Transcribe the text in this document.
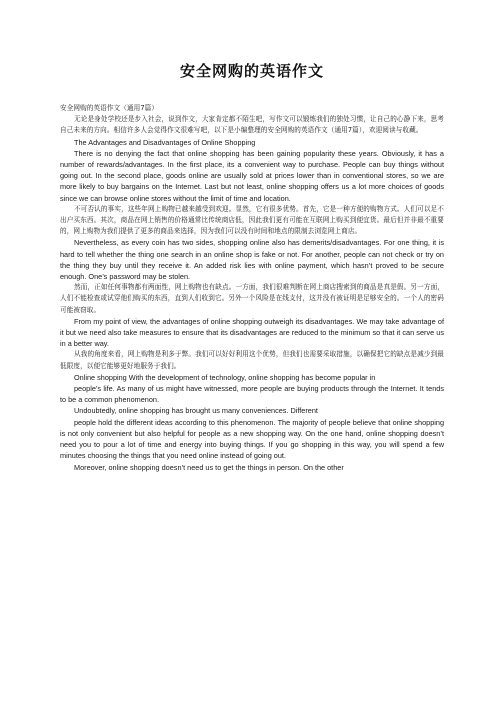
安全网购的英语作文

安全网购的英语作文（通用7篇）

无论是身处学校还是步入社会，说到作文，大家肯定都不陌生吧，写作文可以锻炼我们的独处习惯，让自己的心静下来，思考自己未来的方向。相信许多人会觉得作文很难写吧，以下是小编整理的安全网购的英语作文（通用7篇），欢迎阅读与收藏。

The Advantages and Disadvantages of Online Shopping

There is no denying the fact that online shopping has been gaining popularity these years. Obviously, it has a number of rewards/advantages. In the first place, its a convenient way to purchase. People can buy things without going out. In the second place, goods online are usually sold at prices lower than in conventional stores, so we are more likely to buy bargains on the Internet. Last but not least, online shopping offers us a lot more choices of goods since we can browse online stores without the limit of time and location.

不可否认的事实，这些年网上购物已越来越受到欢迎。显然，它有很多优势。首先，它是一种方便的购物方式。人们可以足不出户买东西。其次，商品在网上销售的价格通常比传统商店低，因此我们更有可能在互联网上购买到便宜货。最后但并非最不重要的，网上购物为我们提供了更多的商品来选择，因为我们可以没有时间和地点的限制去浏览网上商店。

Nevertheless, as every coin has two sides, shopping online also has demerits/disadvantages. For one thing, it is hard to tell whether the thing one search in an online shop is fake or not. For another, people can not check or try on the thing they buy until they receive it. An added risk lies with online payment, which hasn’t proved to be secure enough. One’s password may be stolen.

然而，正如任何事物都有两面性，网上购物也有缺点。一方面，我们很难判断在网上商店搜索到的商品是真是假。另一方面，人们不能检查或试穿他们购买的东西，直到人们收到它。另外一个风险是在线支付，这并没有被证明是足够安全的。一个人的密码可能被窃取。

From my point of view, the advantages of online shopping outweigh its disadvantages. We may take advantage of it but we need also take measures to ensure that its disadvantages are reduced to the minimum so that it can serve us in a better way.

从我的角度来看，网上购物是利多于弊。我们可以好好利用这个优势，但我们也需要采取措施，以确保把它的缺点是减少到最低限度，以便它能够更好地服务于我们。

Online shopping With the development of technology, online shopping has become popular in

people’s life. As many of us might have witnessed, more people are buying products through the Internet. It tends to be a common phenomenon.

Undoubtedly, online shopping has brought us many conveniences. Different

people hold the different ideas according to this phenomenon. The majority of people believe that online shopping is not only convenient but also helpful for people as a new shopping way. On the one hand, online shopping doesn’t need you to pour a lot of time and energy into buying things. If you go shopping in this way, you will spend a few minutes choosing the things that you need online instead of going out.

Moreover, online shopping doesn’t need us to get the things in person. On the other
